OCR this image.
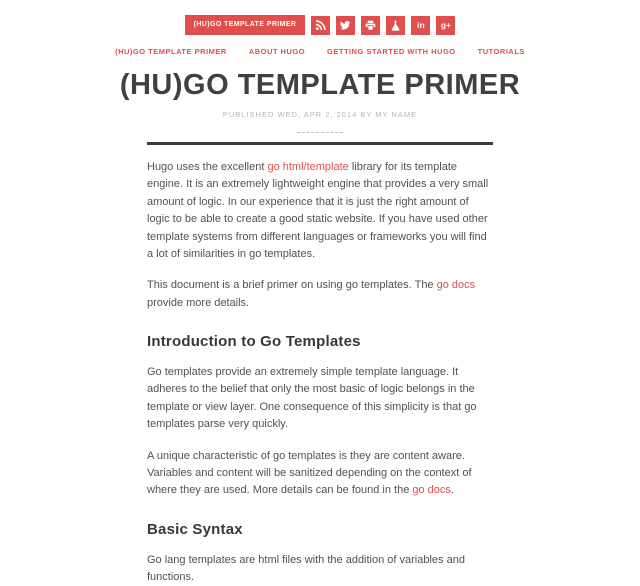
(HU)GO TEMPLATE PRIMER	in g+
(HU)GO TEMPLATE PRIMER	ABOUT HUGO	GETTING STARTED WITH HUGO	TUTORIALS
(HU)GO TEMPLATE PRIMER
PUBLISHED WED, APR 2, 2014 BY MY NAME

Hugo uses the excellent go html/template library for its template engine. It is an extremely lightweight engine that provides a very small amount of logic. In our experience that it is just the right amount of logic to be able to create a good static website. If you have used other template systems from different languages or frameworks you will find a lot of similarities in go templates.

This document is a brief primer on using go templates. The go docs provide more details.

Introduction to Go Templates

Go templates provide an extremely simple template language. It adheres to the belief that only the most basic of logic belongs in the template or view layer. One consequence of this simplicity is that go templates parse very quickly.

A unique characteristic of go templates is they are content aware. Variables and content will be sanitized depending on the context of where they are used. More details can be found in the go docs.

Basic Syntax

Go lang templates are html files with the addition of variables and functions.
